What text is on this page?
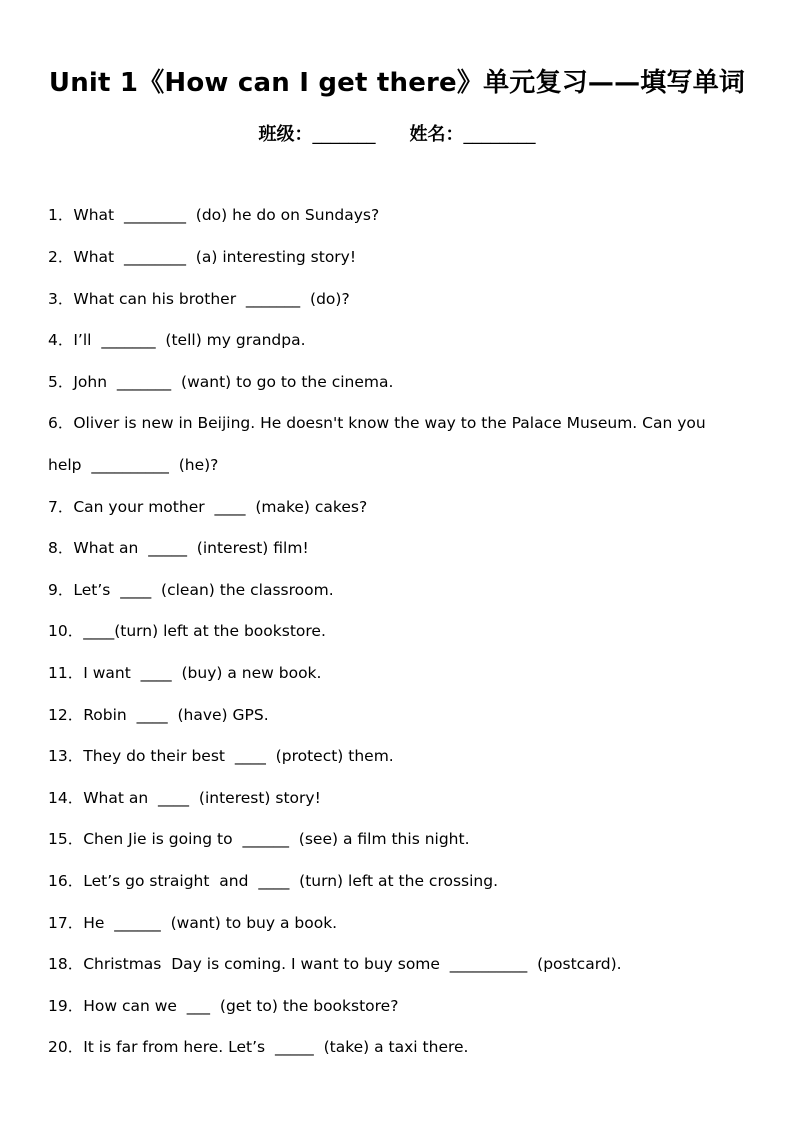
Unit 1《How can I get there》单元复习——填写单词
班级：_______ 姓名：________
1．What  ________  (do) he do on Sundays?
2．What  ________  (a) interesting story!
3．What can his brother  _______  (do)?
4．I’ll  _______  (tell) my grandpa.
5．John  _______  (want) to go to the cinema.
6．Oliver is new in Beijing. He doesn't know the way to the Palace Museum. Can you
help  __________  (he)?
7．Can your mother  ____  (make) cakes?
8．What an  _____  (interest) film!
9．Let’s  ____  (clean) the classroom.
10．____(turn) left at the bookstore.
11．I want  ____  (buy) a new book.
12．Robin  ____  (have) GPS.
13．They do their best  ____  (protect) them.
14．What an  ____  (interest) story!
15．Chen Jie is going to  ______  (see) a film this night.
16．Let’s go straight  and  ____  (turn) left at the crossing.
17．He  ______  (want) to buy a book.
18．Christmas  Day is coming. I want to buy some  __________  (postcard).
19．How can we  ___  (get to) the bookstore?
20．It is far from here. Let’s  _____  (take) a taxi there.
